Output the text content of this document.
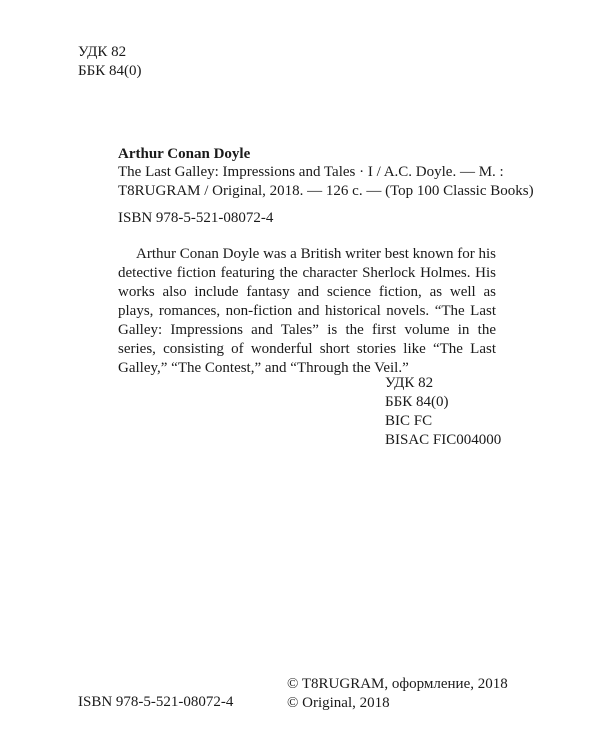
УДК 82
ББК 84(0)
Arthur Conan Doyle
The Last Galley: Impressions and Tales · I / A.C. Doyle. — M. :
T8RUGRAM / Original, 2018. — 126 c. — (Top 100 Classic Books)
ISBN 978-5-521-08072-4

Arthur Conan Doyle was a British writer best known for his detective fiction featuring the character Sherlock Holmes. His works also include fantasy and science fiction, as well as plays, romances, non-fiction and historical novels. “The Last Galley: Impressions and Tales” is the first volume in the series, consisting of wonderful short stories like “The Last Galley,” “The Contest,” and “Through the Veil.”

УДК 82
ББК 84(0)
BIC FC
BISAC FIC004000
ISBN 978-5-521-08072-4
© T8RUGRAM, оформление, 2018
© Original, 2018
